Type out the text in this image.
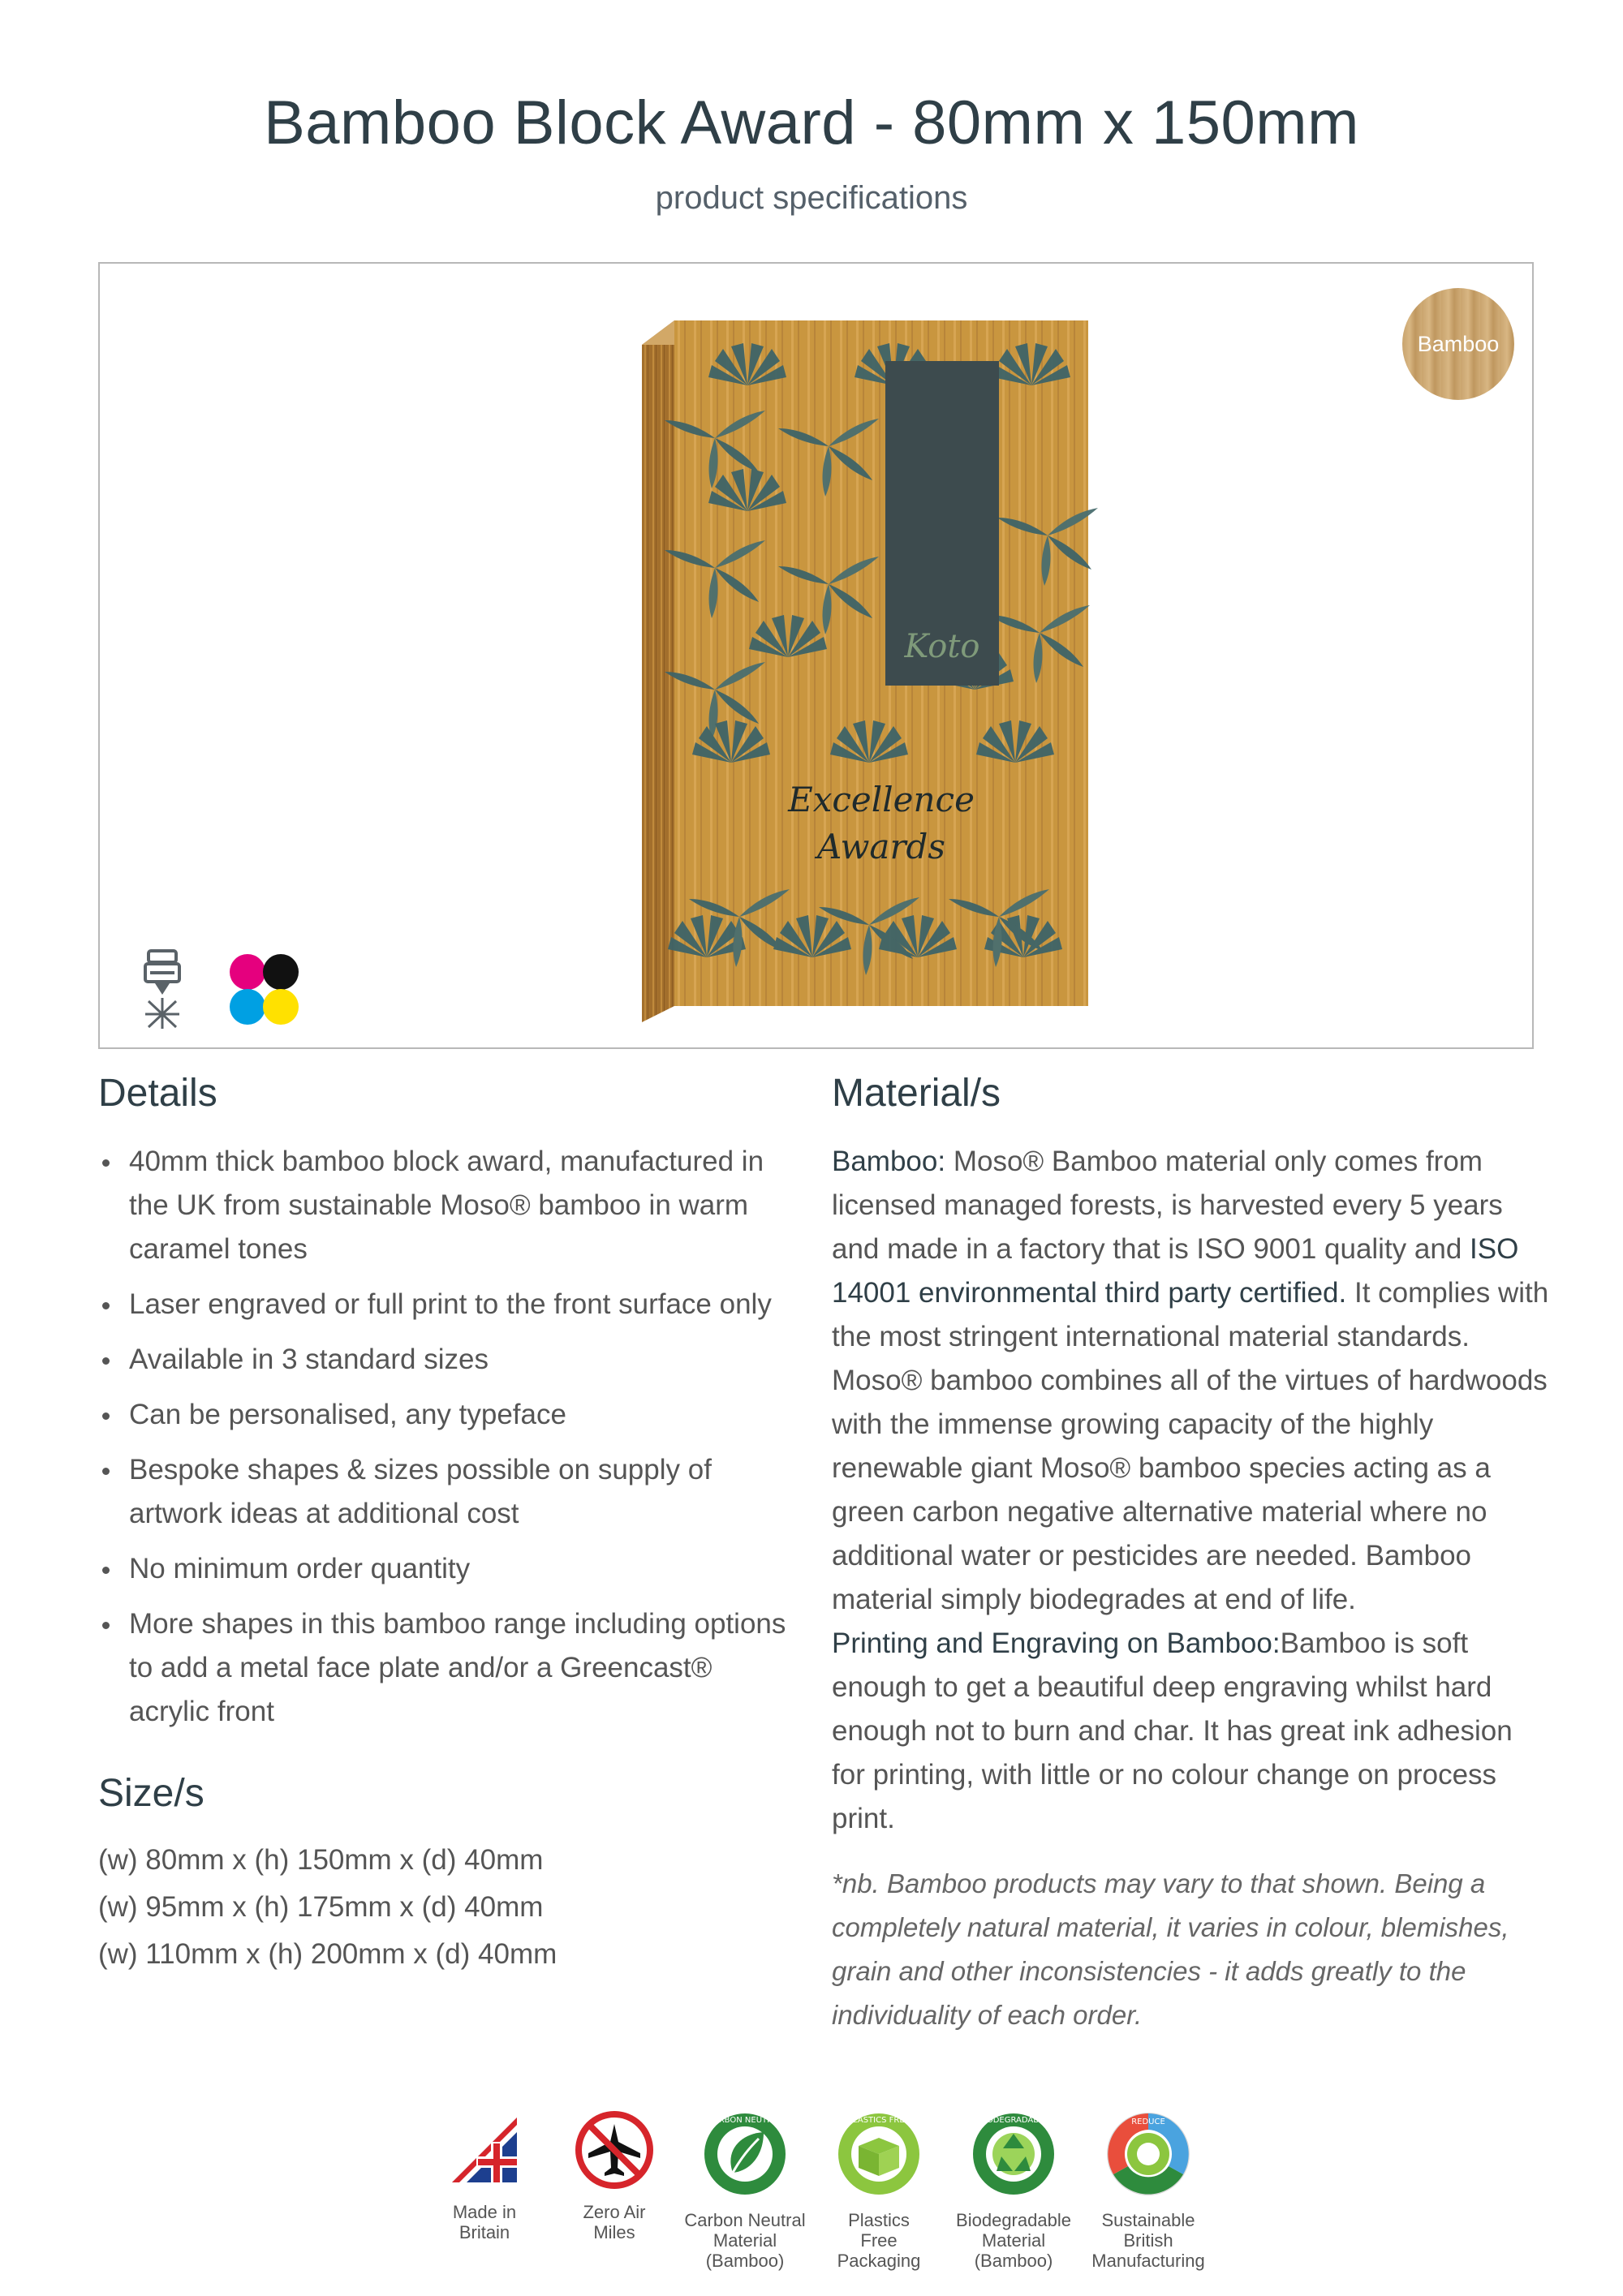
Bamboo Block Award - 80mm x 150mm
product specifications
Koto
Excellence
Awards
Bamboo
Details
40mm thick bamboo block award, manufactured in the UK from sustainable Moso® bamboo in warm caramel tones
Laser engraved or full print to the front surface only
Available in 3 standard sizes
Can be personalised, any typeface
Bespoke shapes & sizes possible on supply of artwork ideas at additional cost
No minimum order quantity
More shapes in this bamboo range including options to add a metal face plate and/or a Greencast® acrylic front
Size/s
(w) 80mm x (h) 150mm x (d) 40mm
(w) 95mm x (h) 175mm x (d) 40mm
(w) 110mm x (h) 200mm x (d) 40mm
Material/s
Bamboo: Moso® Bamboo material only comes from licensed managed forests, is harvested every 5 years and made in a factory that is ISO 9001 quality and ISO 14001 environmental third party certified. It complies with the most stringent international material standards. Moso® bamboo combines all of the virtues of hardwoods with the immense growing capacity of the highly renewable giant Moso® bamboo species acting as a green carbon negative alternative material where no additional water or pesticides are needed. Bamboo material simply biodegrades at end of life.
Printing and Engraving on Bamboo:Bamboo is soft enough to get a beautiful deep engraving whilst hard enough not to burn and char. It has great ink adhesion for printing, with little or no colour change on process print.
*nb. Bamboo products may vary to that shown. Being a completely natural material, it varies in colour, blemishes, grain and other inconsistencies - it adds greatly to the individuality of each order.
Made in
Britain
Zero Air
Miles
CARBON NEUTRAL
Carbon Neutral
Material
(Bamboo)
PLASTICS FREE
Plastics
Free
Packaging
BIODEGRADABLE
Biodegradable
Material
(Bamboo)
REDUCE
Sustainable
British
Manufacturing
